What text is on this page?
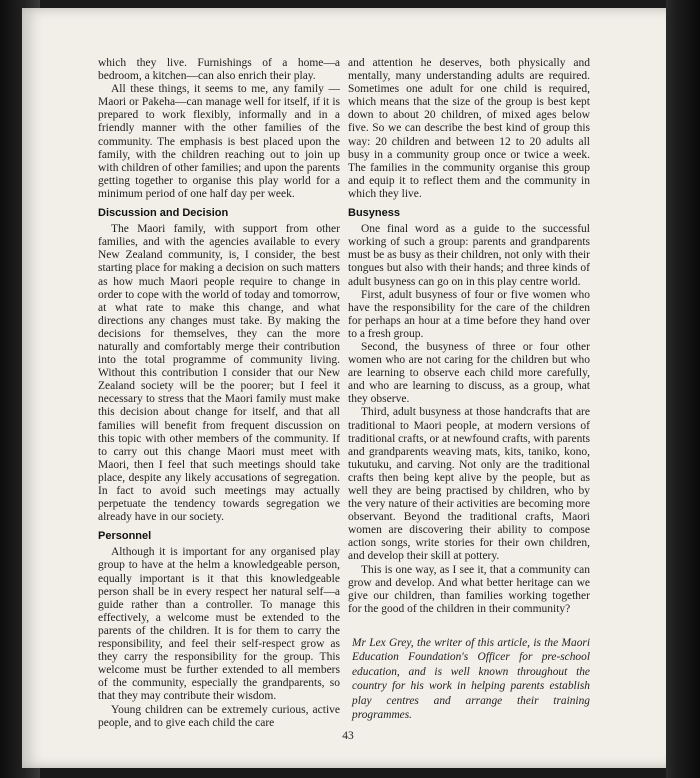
which they live. Furnishings of a home—a bedroom, a kitchen—can also enrich their play.

All these things, it seems to me, any family —Maori or Pakeha—can manage well for itself, if it is prepared to work flexibly, informally and in a friendly manner with the other families of the community. The emphasis is best placed upon the family, with the children reaching out to join up with children of other families; and upon the parents getting together to organise this play world for a minimum period of one half day per week.

Discussion and Decision

The Maori family, with support from other families, and with the agencies available to every New Zealand community, is, I consider, the best starting place for making a decision on such matters as how much Maori people require to change in order to cope with the world of today and tomorrow, at what rate to make this change, and what directions any changes must take. By making the decisions for themselves, they can the more naturally and comfortably merge their contribution into the total programme of community living. Without this contribution I consider that our New Zealand society will be the poorer; but I feel it necessary to stress that the Maori family must make this decision about change for itself, and that all families will benefit from frequent discussion on this topic with other members of the community. If to carry out this change Maori must meet with Maori, then I feel that such meetings should take place, despite any likely accusations of segregation. In fact to avoid such meetings may actually perpetuate the tendency towards segregation we already have in our society.

Personnel

Although it is important for any organised play group to have at the helm a knowledgeable person, equally important is it that this knowledgeable person shall be in every respect her natural self—a guide rather than a controller. To manage this effectively, a welcome must be extended to the parents of the children. It is for them to carry the responsibility, and feel their self-respect grow as they carry the responsibility for the group. This welcome must be further extended to all members of the community, especially the grandparents, so that they may contribute their wisdom.

Young children can be extremely curious, active people, and to give each child the care

and attention he deserves, both physically and mentally, many understanding adults are required. Sometimes one adult for one child is required, which means that the size of the group is best kept down to about 20 children, of mixed ages below five. So we can describe the best kind of group this way: 20 children and between 12 to 20 adults all busy in a community group once or twice a week. The families in the community organise this group and equip it to reflect them and the community in which they live.

Busyness

One final word as a guide to the successful working of such a group: parents and grandparents must be as busy as their children, not only with their tongues but also with their hands; and three kinds of adult busyness can go on in this play centre world.

First, adult busyness of four or five women who have the responsibility for the care of the children for perhaps an hour at a time before they hand over to a fresh group.

Second, the busyness of three or four other women who are not caring for the children but who are learning to observe each child more carefully, and who are learning to discuss, as a group, what they observe.

Third, adult busyness at those handcrafts that are traditional to Maori people, at modern versions of traditional crafts, or at newfound crafts, with parents and grandparents weaving mats, kits, taniko, kono, tukutuku, and carving. Not only are the traditional crafts then being kept alive by the people, but as well they are being practised by children, who by the very nature of their activities are becoming more observant. Beyond the traditional crafts, Maori women are discovering their ability to compose action songs, write stories for their own children, and develop their skill at pottery.

This is one way, as I see it, that a community can grow and develop. And what better heritage can we give our children, than families working together for the good of the children in their community?

Mr Lex Grey, the writer of this article, is the Maori Education Foundation's Officer for pre-school education, and is well known throughout the country for his work in helping parents establish play centres and arrange their training programmes.

43
